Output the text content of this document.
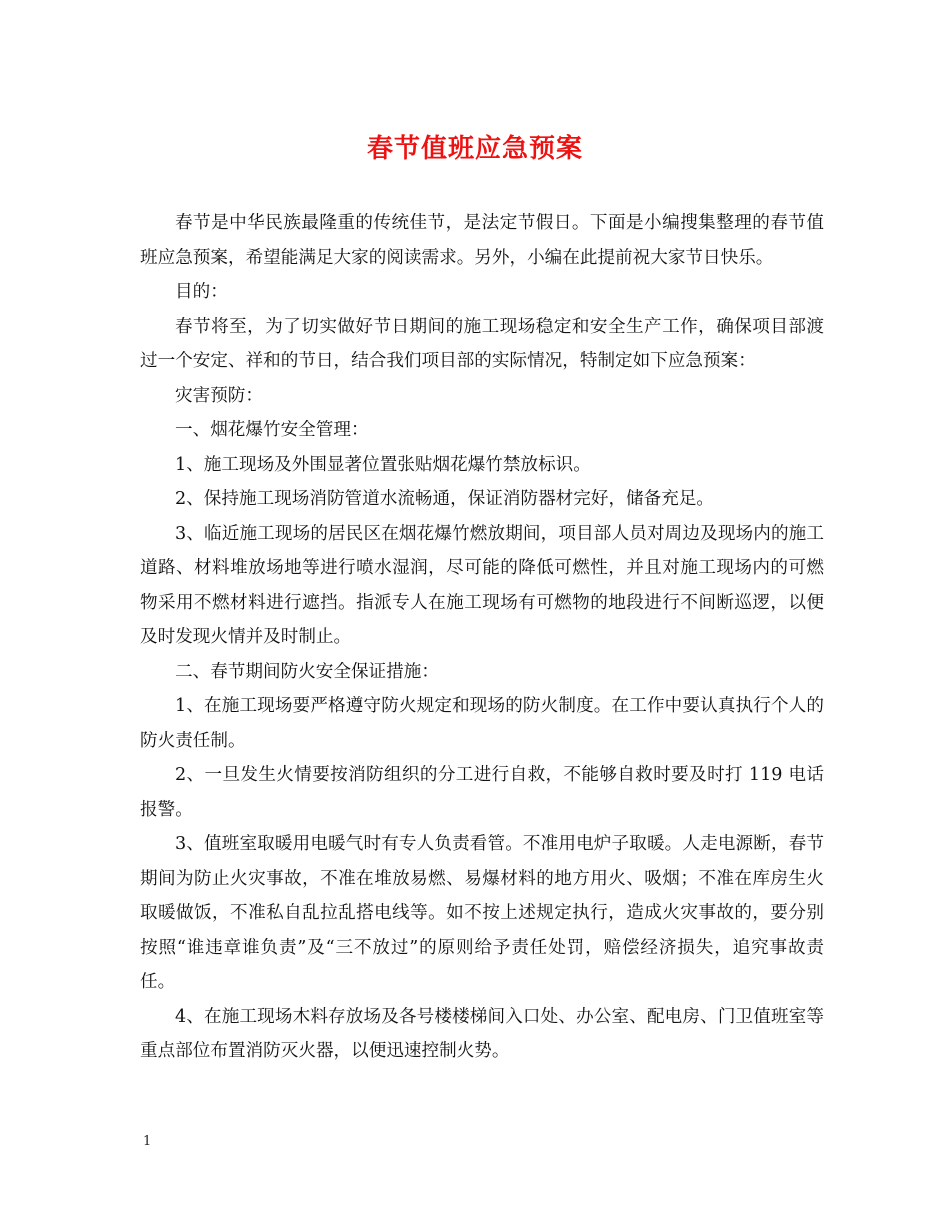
春节值班应急预案

春节是中华民族最隆重的传统佳节，是法定节假日。下面是小编搜集整理的春节值班应急预案，希望能满足大家的阅读需求。另外，小编在此提前祝大家节日快乐。

目的：

春节将至，为了切实做好节日期间的施工现场稳定和安全生产工作，确保项目部渡过一个安定、祥和的节日，结合我们项目部的实际情况，特制定如下应急预案：

灾害预防：

一、烟花爆竹安全管理：

1、施工现场及外围显著位置张贴烟花爆竹禁放标识。

2、保持施工现场消防管道水流畅通，保证消防器材完好，储备充足。

3、临近施工现场的居民区在烟花爆竹燃放期间，项目部人员对周边及现场内的施工道路、材料堆放场地等进行喷水湿润，尽可能的降低可燃性，并且对施工现场内的可燃物采用不燃材料进行遮挡。指派专人在施工现场有可燃物的地段进行不间断巡逻，以便及时发现火情并及时制止。

二、春节期间防火安全保证措施：

1、在施工现场要严格遵守防火规定和现场的防火制度。在工作中要认真执行个人的防火责任制。

2、一旦发生火情要按消防组织的分工进行自救，不能够自救时要及时打 119 电话报警。

3、值班室取暖用电暖气时有专人负责看管。不准用电炉子取暖。人走电源断，春节期间为防止火灾事故，不准在堆放易燃、易爆材料的地方用火、吸烟；不准在库房生火取暖做饭，不准私自乱拉乱搭电线等。如不按上述规定执行，造成火灾事故的，要分别按照“谁违章谁负责”及“三不放过”的原则给予责任处罚，赔偿经济损失，追究事故责任。

4、在施工现场木料存放场及各号楼楼梯间入口处、办公室、配电房、门卫值班室等重点部位布置消防灭火器，以便迅速控制火势。

1
